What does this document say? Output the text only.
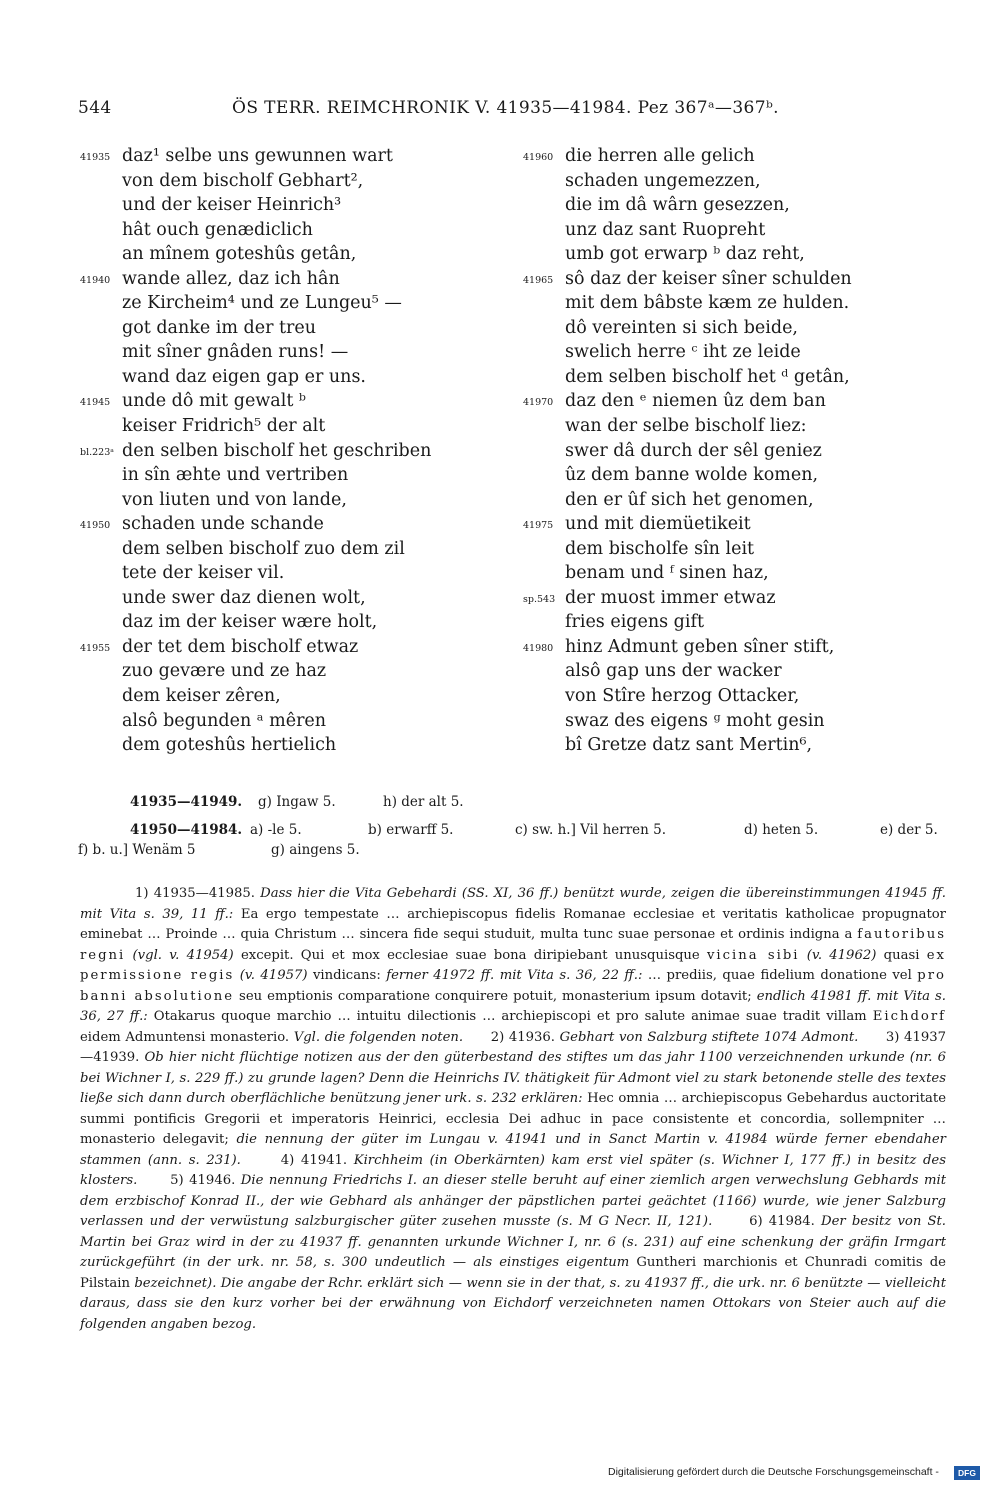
544	ÖS TERR. REIMCHRONIK V. 41935—41984. Pez 367ᵃ—367ᵇ.
41935 daz¹ selbe uns gewunnen wart
von dem bischolf Gebhart²,
und der keiser Heinrich³
hât ouch genædiclich
an mînem goteshûs getân,
41940 wande allez, daz ich hân
ze Kircheim⁴ und ze Lungeu⁵ —
got danke im der treu
mit sîner gnâden runs! —
wand daz eigen gap er uns.
41945 unde dô mit gewalt ᵇ
keiser Fridrich⁵ der alt
bl.223ᵃ den selben bischolf het geschriben
in sîn æhte und vertriben
von liuten und von lande,
41950 schaden unde schande
dem selben bischolf zuo dem zil
tete der keiser vil.
unde swer daz dienen wolt,
daz im der keiser wære holt,
41955 der tet dem bischolf etwaz
zuo gevære und ze haz
dem keiser zêren,
alsô begunden ᵃ mêren
dem goteshûs hertielich
41960 die herren alle gelich
schaden ungemezzen,
die im dâ wârn gesezzen,
unz daz sant Ruopreht
umb got erwarp ᵇ daz reht,
41965 sô daz der keiser sîner schulden
mit dem bâbste kæm ze hulden.
dô vereinten si sich beide,
swelich herre ᶜ iht ze leide
dem selben bischolf het ᵈ getân,
41970 daz den ᵉ niemen ûz dem ban
wan der selbe bischolf liez:
swer dâ durch der sêl geniez
ûz dem banne wolde komen,
den er ûf sich het genomen,
41975 und mit diemüetikeit
dem bischolfe sîn leit
benam und ᶠ sinen haz,
sp.543 der muost immer etwaz
fries eigens gift
41980 hinz Admunt geben sîner stift,
alsô gap uns der wacker
von Stîre herzog Ottacker,
swaz des eigens ᵍ moht gesin
bî Gretze datz sant Mertin⁶,
41935—41949. g) Ingaw 5.	h) der alt 5.
41950—41984. a) -le 5.	b) erwarff 5.	c) sw. h.] Vil herren 5.	d) heten 5.	e) der 5.
f) b. u.] Wenäm 5	g) aingens 5.
1) 41935—41985. Dass hier die Vita Gebehardi (SS. XI, 36 ff.) benützt wurde, zeigen die übereinstimmungen 41945 ff. mit Vita s. 39, 11 ff.: Ea ergo tempestate … archiepiscopus fidelis Romanae ecclesiae et veritatis katholicae propugnator eminebat … Proinde … quia Christum … sincera fide sequi studuit, multa tunc suae personae et ordinis indigna a fautoribus regni (vgl. v. 41954) excepit. Qui et mox ecclesiae suae bona diripiebant unusquisque vicina sibi (v. 41962) quasi ex permissione regis (v. 41957) vindicans: ferner 41972 ff. mit Vita s. 36, 22 ff.: … prediis, quae fidelium donatione vel pro banni absolutione seu emptionis comparatione conquirere potuit, monasterium ipsum dotavit; endlich 41981 ff. mit Vita s. 36, 27 ff.: Otakarus quoque marchio … intuitu dilectionis … archiepiscopi et pro salute animae suae tradit villam Eichdorf eidem Admuntensi monasterio. Vgl. die folgenden noten. 2) 41936. Gebhart von Salzburg stiftete 1074 Admont. 3) 41937—41939. Ob hier nicht flüchtige notizen aus der den güterbestand des stiftes um das jahr 1100 verzeichnenden urkunde (nr. 6 bei Wichner I, s. 229 ff.) zu grunde lagen? Denn die Heinrichs IV. thätigkeit für Admont viel zu stark betonende stelle des textes ließe sich dann durch oberflächliche benützung jener urk. s. 232 erklären: Hec omnia … archiepiscopus Gebehardus auctoritate summi pontificis Gregorii et imperatoris Heinrici, ecclesia Dei adhuc in pace consistente et concordia, sollempniter … monasterio delegavit; die nennung der güter im Lungau v. 41941 und in Sanct Martin v. 41984 würde ferner ebendaher stammen (ann. s. 231).	4) 41941. Kirchheim (in Oberkärnten) kam erst viel später (s. Wichner I, 177 ff.) in besitz des klosters. 5) 41946. Die nennung Friedrichs I. an dieser stelle beruht auf einer ziemlich argen verwechslung Gebhards mit dem erzbischof Konrad II., der wie Gebhard als anhänger der päpstlichen partei geächtet (1166) wurde, wie jener Salzburg verlassen und der verwüstung salzburgischer güter zusehen musste (s. M G Necr. II, 121).	6) 41984. Der besitz von St. Martin bei Graz wird in der zu 41937 ff. genannten urkunde Wichner I, nr. 6 (s. 231) auf eine schenkung der gräfin Irmgart zurückgeführt (in der urk. nr. 58, s. 300 undeutlich — als einstiges eigentum Guntheri marchionis et Chunradi comitis de Pilstain bezeichnet). Die angabe der Rchr. erklärt sich — wenn sie in der that, s. zu 41937 ff., die urk. nr. 6 benützte — vielleicht daraus, dass sie den kurz vorher bei der erwähnung von Eichdorf verzeichneten namen Ottokars von Steier auch auf die folgenden angaben bezog.
Digitalisierung gefördert durch die Deutsche Forschungsgemeinschaft -	DFG
